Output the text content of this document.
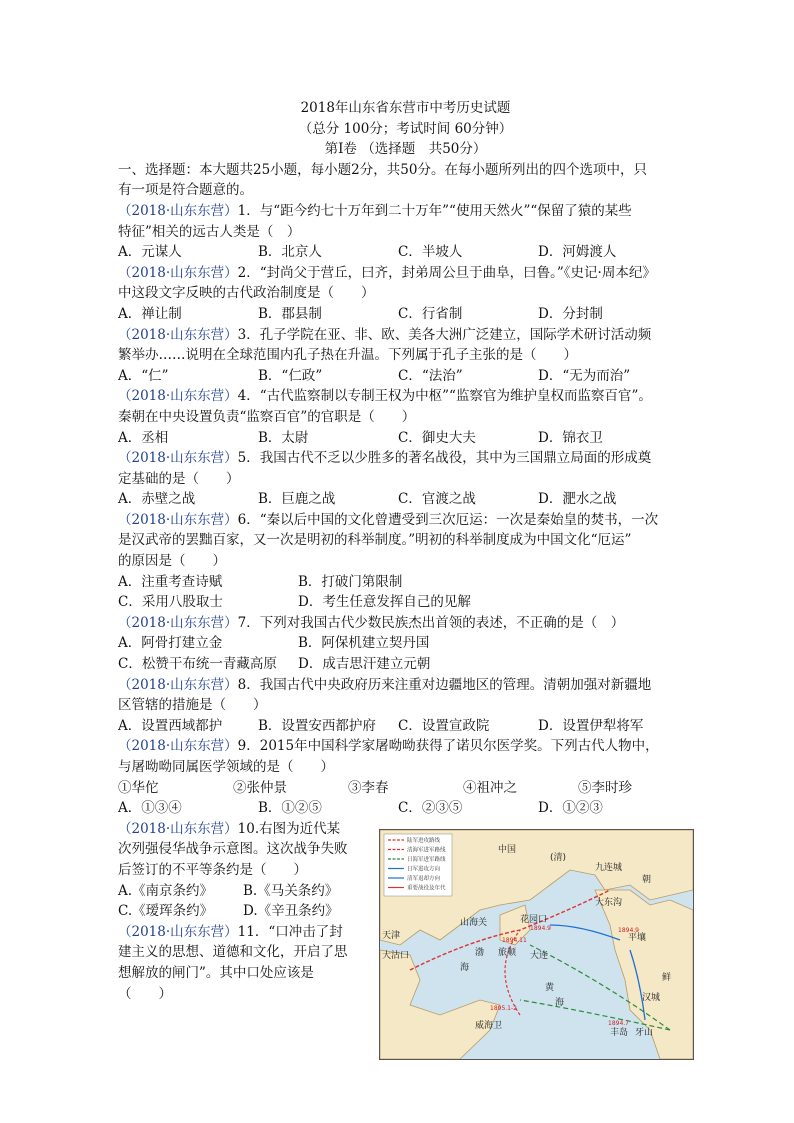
2018年山东省东营市中考历史试题

（总分 100分；考试时间 60分钟）

第Ⅰ卷 （选择题　共50分）

一、选择题：本大题共25小题，每小题2分，共50分。在每小题所列出的四个选项中，只

有一项是符合题意的。

（2018·山东东营）1．与“距今约七十万年到二十万年”“使用天然火”“保留了猿的某些

特征”相关的远古人类是（　）

A．元谋人	B．北京人	C．半坡人	D．河姆渡人

（2018·山东东营）2．“封尚父于营丘，曰齐，封弟周公旦于曲阜，曰鲁。”《史记·周本纪》

中这段文字反映的古代政治制度是（　　）

A．禅让制	B．郡县制	C．行省制	D．分封制

（2018·山东东营）3．孔子学院在亚、非、欧、美各大洲广泛建立，国际学术研讨活动频

繁举办……说明在全球范围内孔子热在升温。下列属于孔子主张的是（　　）

A．“仁”	B．“仁政”	C．“法治”	D．“无为而治”

（2018·山东东营）4．“古代监察制以专制王权为中枢”“监察官为维护皇权而监察百官”。

秦朝在中央设置负责“监察百官”的官职是（　　）

A．丞相	B．太尉	C．御史大夫	D．锦衣卫

（2018·山东东营）5．我国古代不乏以少胜多的著名战役，其中为三国鼎立局面的形成奠

定基础的是（　　）

A．赤壁之战	B．巨鹿之战	C．官渡之战	D．淝水之战

（2018·山东东营）6．“秦以后中国的文化曾遭受到三次厄运：一次是秦始皇的焚书，一次

是汉武帝的罢黜百家，又一次是明初的科举制度。”明初的科举制度成为中国文化“厄运”

的原因是（　　）

A．注重考查诗赋	B．打破门第限制
C．采用八股取士	D．考生任意发挥自己的见解

（2018·山东东营）7．下列对我国古代少数民族杰出首领的表述，不正确的是（　）

A．阿骨打建立金	B．阿保机建立契丹国
C．松赞干布统一青藏高原	D．成吉思汗建立元朝

（2018·山东东营）8．我国古代中央政府历来注重对边疆地区的管理。清朝加强对新疆地

区管辖的措施是（　　）

A．设置西域都护	B．设置安西都护府	C．设置宣政院	D．设置伊犁将军

（2018·山东东营）9．2015年中国科学家屠呦呦获得了诺贝尔医学奖。下列古代人物中，

与屠呦呦同属医学领域的是（　　）

①华佗	②张仲景	③李春	④祖冲之	⑤李时珍
A．①③④	B．①②⑤	C．②③⑤	D．①②③

（2018·山东东营）10.右图为近代某

次列强侵华战争示意图。这次战争失败

后签订的不平等条约是（　　）

A.《南京条约》	B.《马关条约》
C.《瑷珲条约》	D.《辛丑条约》

（2018·山东东营）11．“口冲击了封

建主义的思想、道德和文化，开启了思

想解放的闸门”。其中口处应该是

（　　）

陆军进攻路线
清海军进军路线
日海军进军路线
日军进攻方向
清军退却方向
重要战役及年代
中国
(清)
朝
鲜
山海关	花园口
天津
大沽口	旅顺 大连
渤
海
黄
海
九连城
大东沟
平壤
汉城
威海卫
丰岛 牙山
1894.9	1894.9
1894.11
1895.1-2
1894.7
